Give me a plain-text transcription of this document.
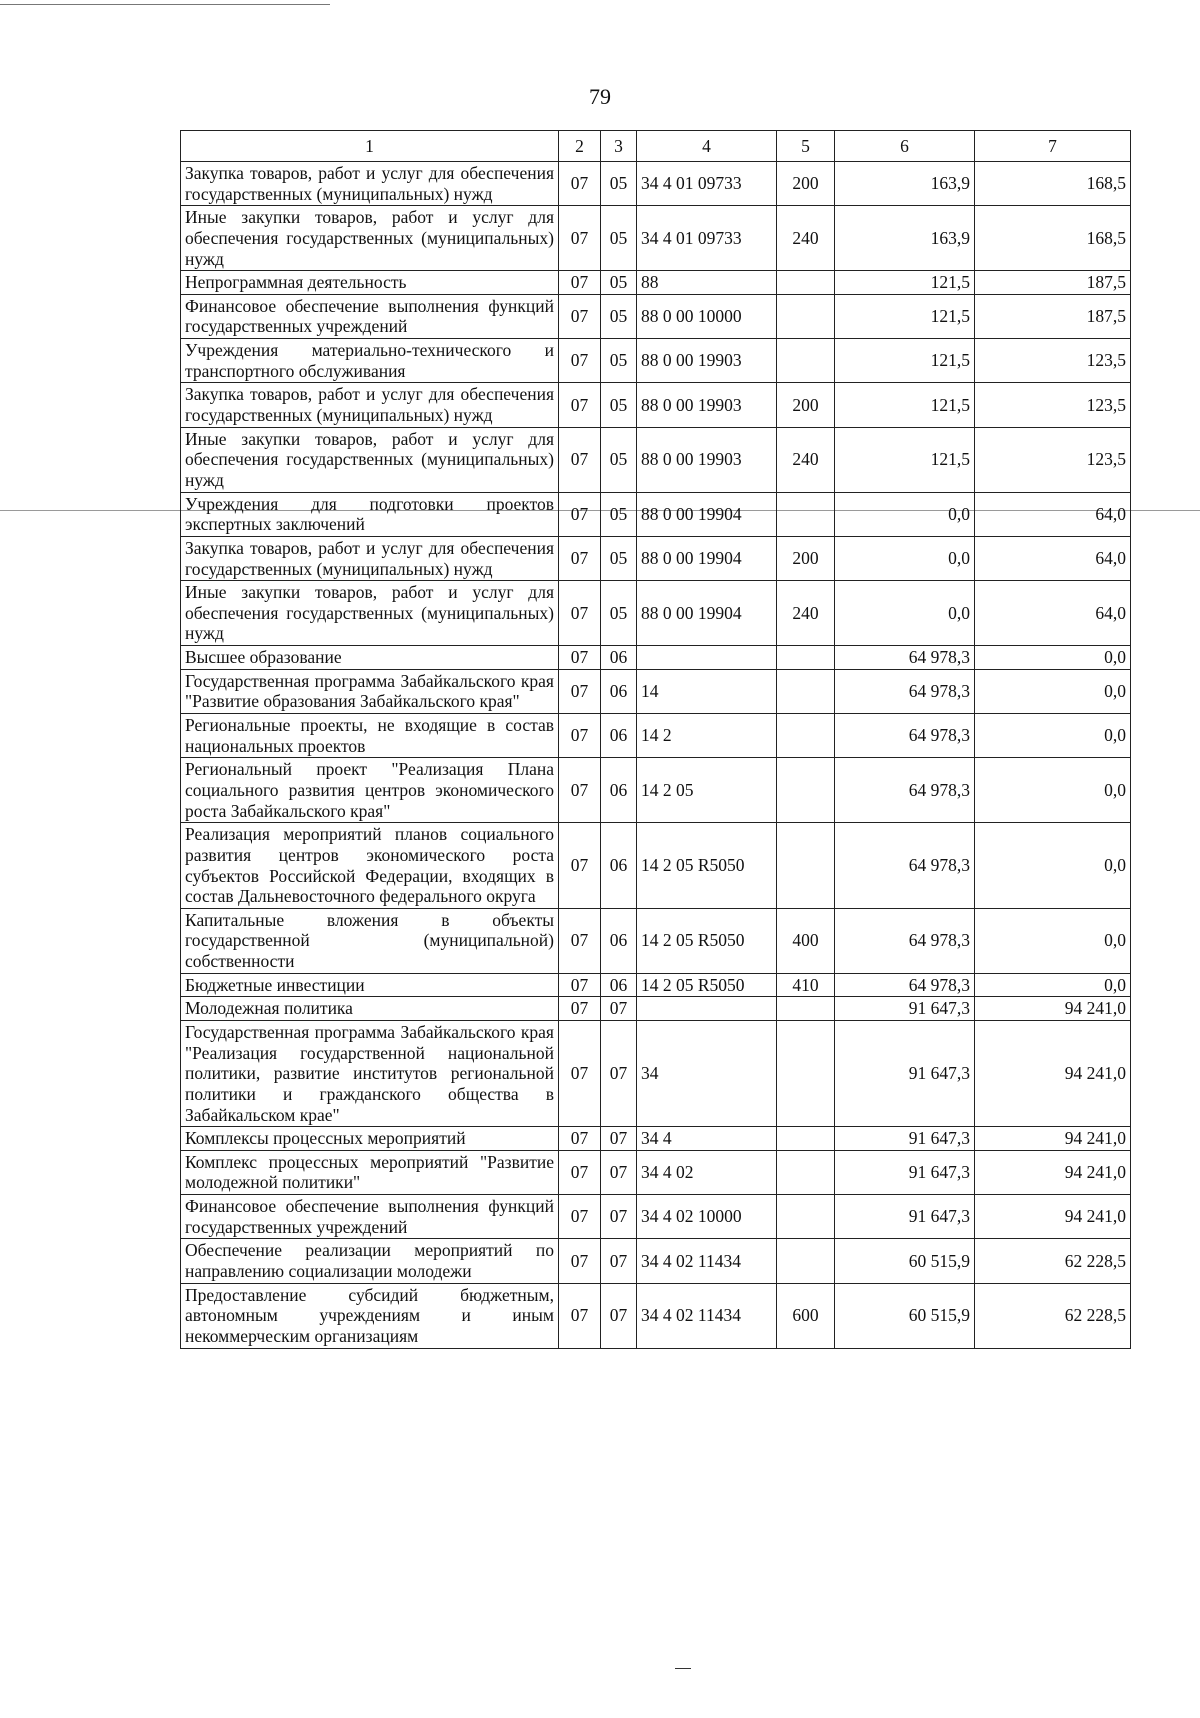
79
1	2	3	4	5	6	7
Закупка товаров, работ и услуг для обеспечения государственных (муниципальных) нужд	07	05	34 4 01 09733	200	163,9	168,5
Иные закупки товаров, работ и услуг для обеспечения государственных (муниципальных) нужд	07	05	34 4 01 09733	240	163,9	168,5
Непрограммная деятельность	07	05	88		121,5	187,5
Финансовое обеспечение выполнения функций государственных учреждений	07	05	88 0 00 10000		121,5	187,5
Учреждения материально-технического и транспортного обслуживания	07	05	88 0 00 19903		121,5	123,5
Закупка товаров, работ и услуг для обеспечения государственных (муниципальных) нужд	07	05	88 0 00 19903	200	121,5	123,5
Иные закупки товаров, работ и услуг для обеспечения государственных (муниципальных) нужд	07	05	88 0 00 19903	240	121,5	123,5
Учреждения для подготовки проектов экспертных заключений	07	05	88 0 00 19904		0,0	64,0
Закупка товаров, работ и услуг для обеспечения государственных (муниципальных) нужд	07	05	88 0 00 19904	200	0,0	64,0
Иные закупки товаров, работ и услуг для обеспечения государственных (муниципальных) нужд	07	05	88 0 00 19904	240	0,0	64,0
Высшее образование	07	06			64 978,3	0,0
Государственная программа Забайкальского края "Развитие образования Забайкальского края"	07	06	14		64 978,3	0,0
Региональные проекты, не входящие в состав национальных проектов	07	06	14 2		64 978,3	0,0
Региональный проект "Реализация Плана социального развития центров экономического роста Забайкальского края"	07	06	14 2 05		64 978,3	0,0
Реализация мероприятий планов социального развития центров экономического роста субъектов Российской Федерации, входящих в состав Дальневосточного федерального округа	07	06	14 2 05 R5050		64 978,3	0,0
Капитальные вложения в объекты государственной (муниципальной) собственности	07	06	14 2 05 R5050	400	64 978,3	0,0
Бюджетные инвестиции	07	06	14 2 05 R5050	410	64 978,3	0,0
Молодежная политика	07	07			91 647,3	94 241,0
Государственная программа Забайкальского края "Реализация государственной национальной политики, развитие институтов региональной политики и гражданского общества в Забайкальском крае"	07	07	34		91 647,3	94 241,0
Комплексы процессных мероприятий	07	07	34 4		91 647,3	94 241,0
Комплекс процессных мероприятий "Развитие молодежной политики"	07	07	34 4 02		91 647,3	94 241,0
Финансовое обеспечение выполнения функций государственных учреждений	07	07	34 4 02 10000		91 647,3	94 241,0
Обеспечение реализации мероприятий по направлению социализации молодежи	07	07	34 4 02 11434		60 515,9	62 228,5
Предоставление субсидий бюджетным, автономным учреждениям и иным некоммерческим организациям	07	07	34 4 02 11434	600	60 515,9	62 228,5
